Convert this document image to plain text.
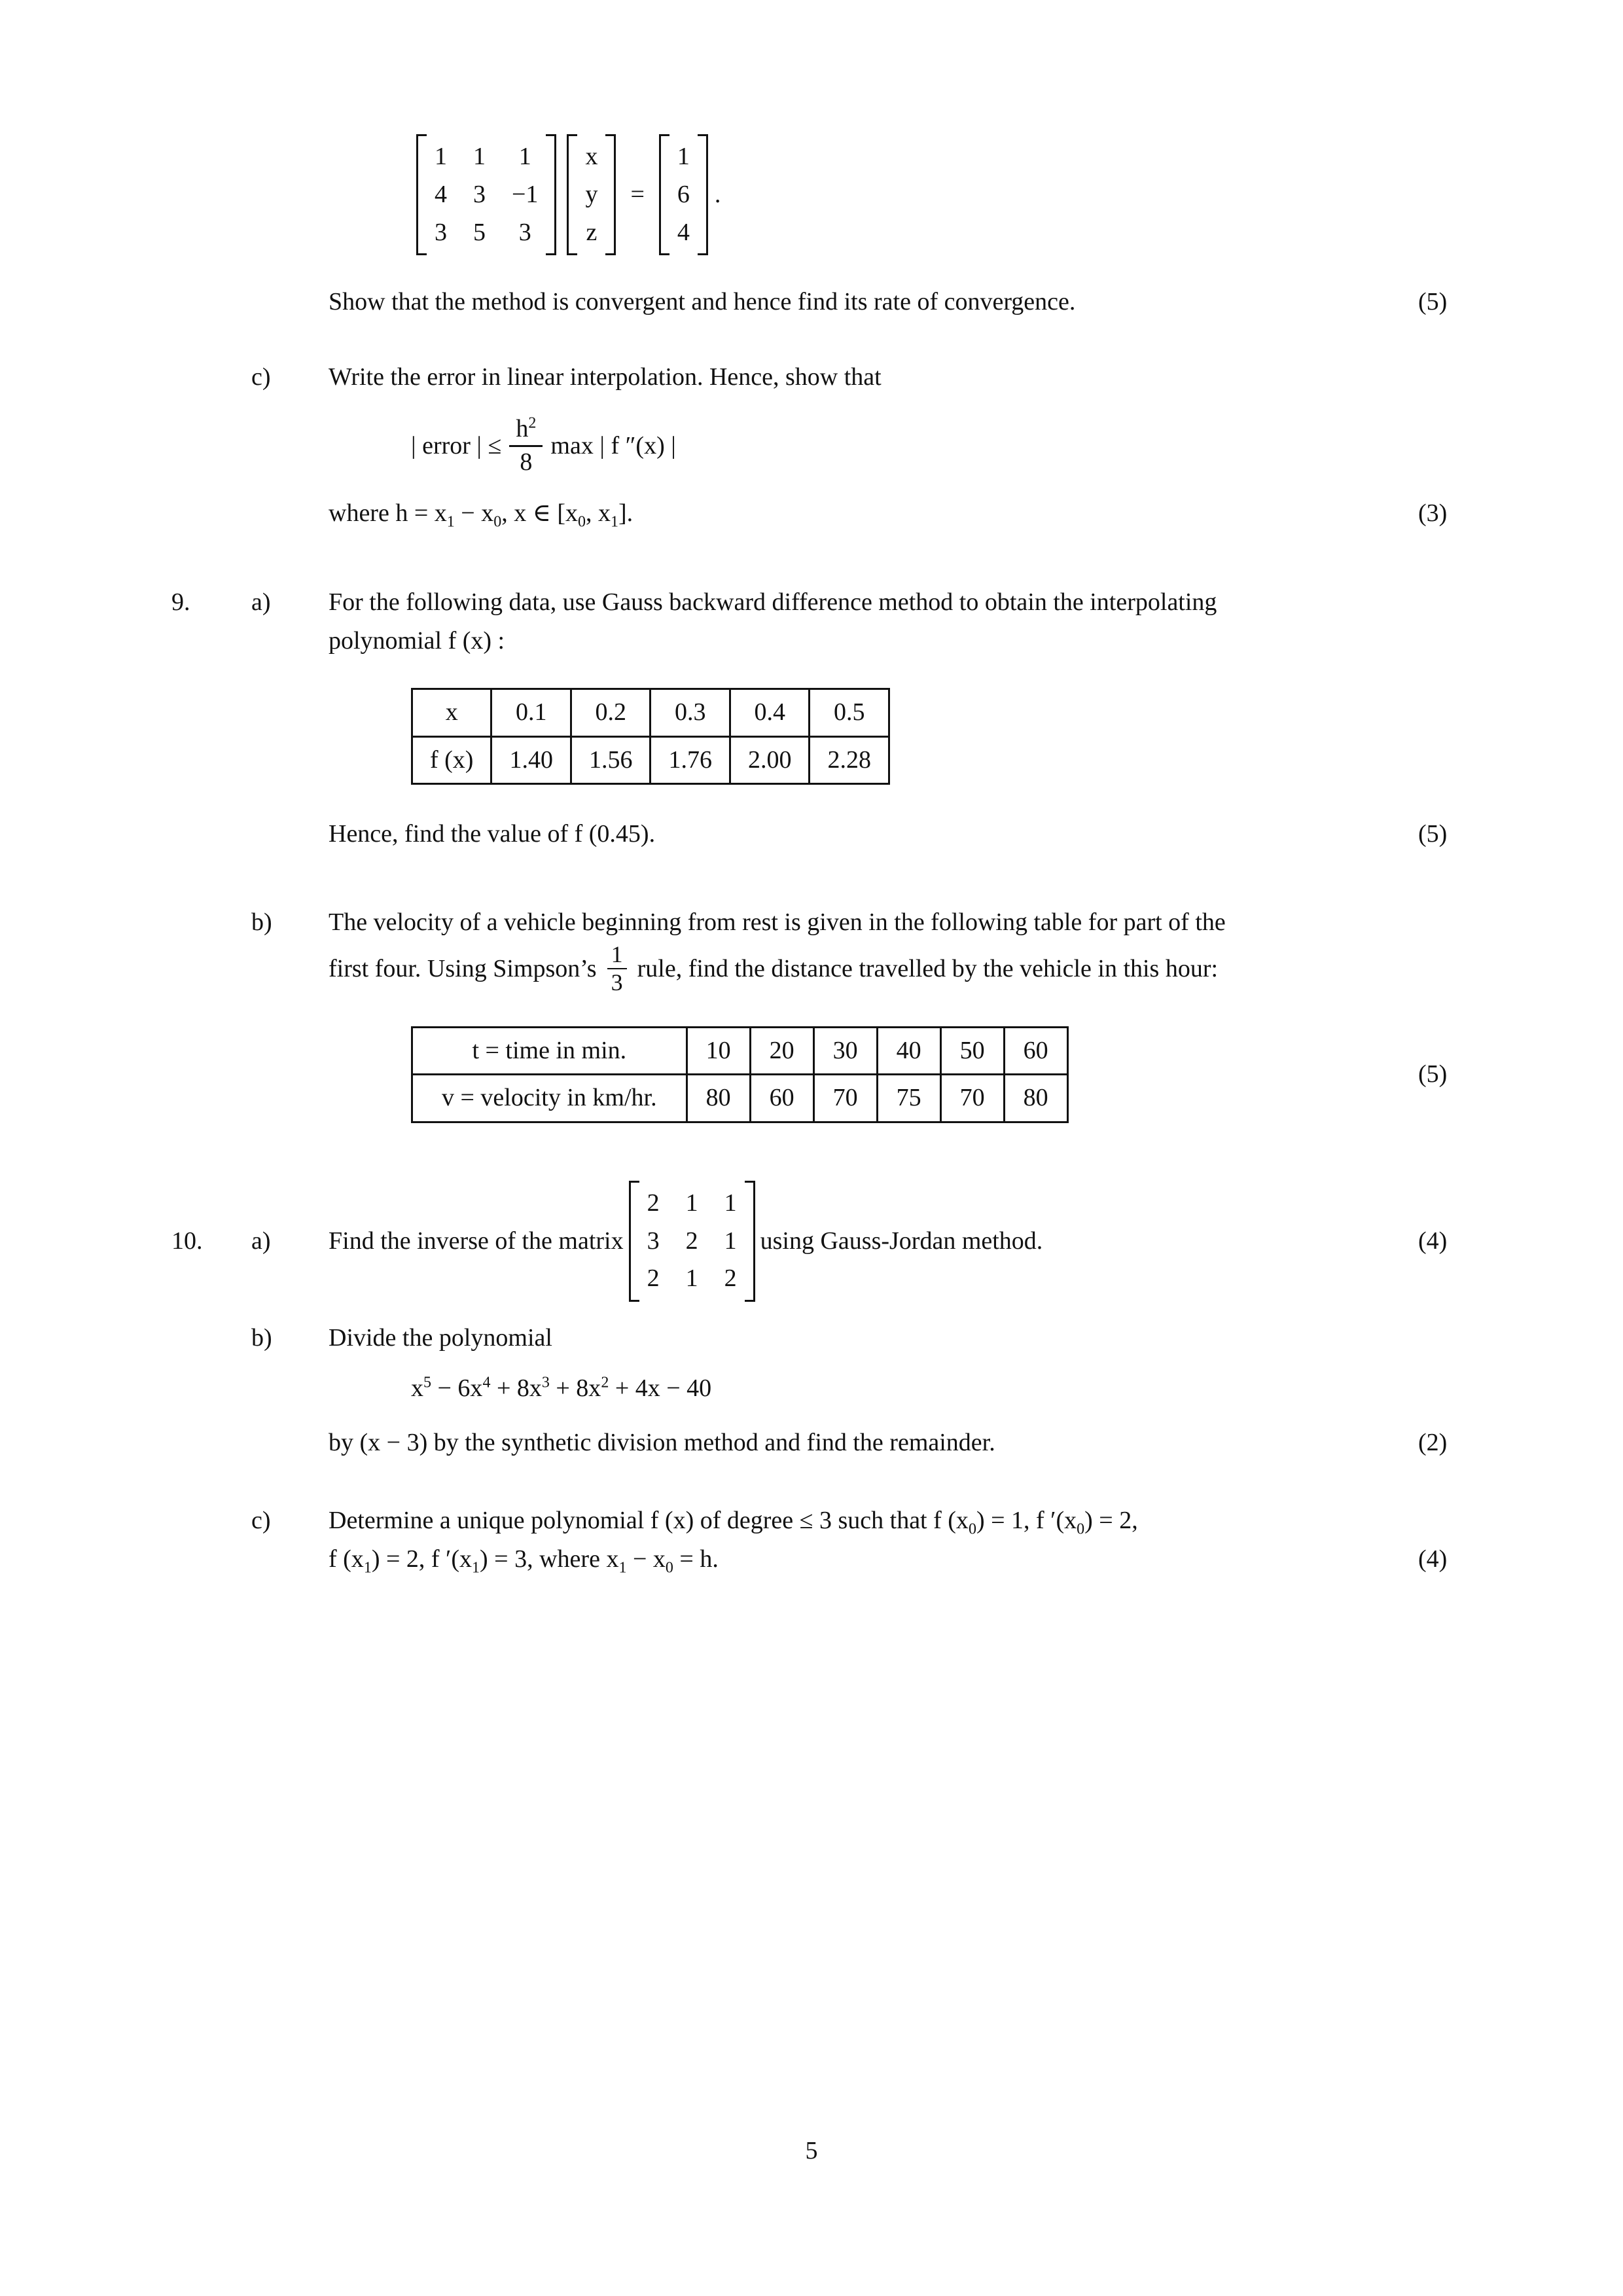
1 1 1
4 3 −1
3 5 3
x
y
z
=
1
6
4
.
Show that the method is convergent and hence find its rate of convergence.	(5)
c)	Write the error in linear interpolation. Hence, show that
| error | ≤ $\frac{h^2}{8}$ max | f ″(x) |
where $h = x_1 - x_0$, x ∈ [$x_0$, $x_1$].	(3)
9.	a)	For the following data, use Gauss backward difference method to obtain the interpolating
polynomial f (x) :
x	0.1	0.2	0.3	0.4	0.5
f (x)	1.40	1.56	1.76	2.00	2.28
Hence, find the value of f (0.45).	(5)
b)	The velocity of a vehicle beginning from rest is given in the following table for part of the
first four. Using Simpson’s $\frac{1}{3}$ rule, find the distance travelled by the vehicle in this hour:
t = time in min.	10	20	30	40	50	60
v = velocity in km/hr.	80	60	70	75	70	80
(5)
10.	a)	Find the inverse of the matrix
2 1 1
3 2 1
2 1 2
using Gauss-Jordan method.	(4)
b)	Divide the polynomial
$x^5 - 6x^4 + 8x^3 + 8x^2 + 4x - 40$
by (x − 3) by the synthetic division method and find the remainder.	(2)
c)	Determine a unique polynomial f (x) of degree ≤ 3 such that f $(x_0) = 1$, f $'(x_0) = 2$,
f $(x_1) = 2$, f $'(x_1) = 3$, where $x_1 - x_0 = h$.	(4)
5
